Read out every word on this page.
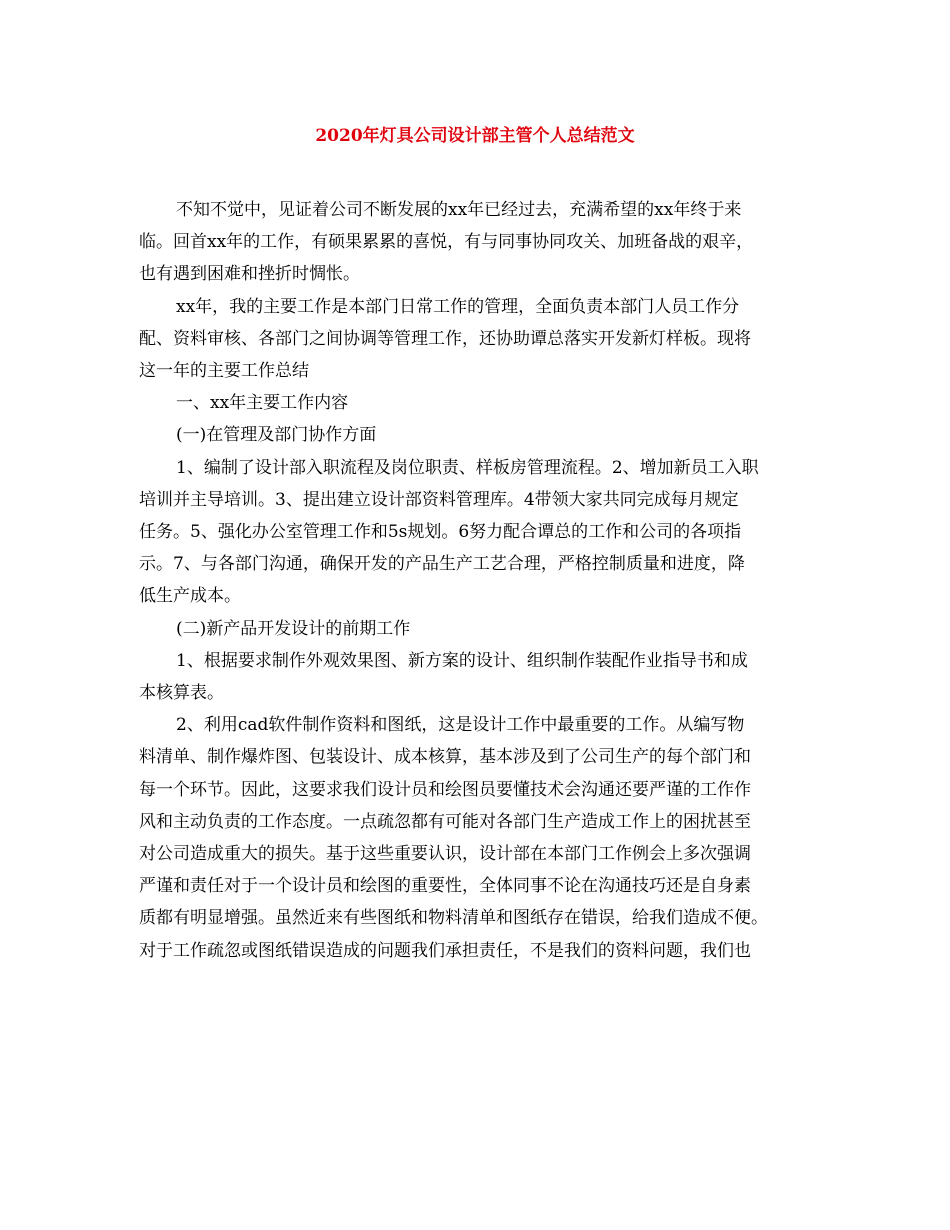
2020年灯具公司设计部主管个人总结范文

不知不觉中，见证着公司不断发展的xx年已经过去，充满希望的xx年终于来
临。回首xx年的工作，有硕果累累的喜悦，有与同事协同攻关、加班备战的艰辛，
也有遇到困难和挫折时惆怅。

xx年，我的主要工作是本部门日常工作的管理，全面负责本部门人员工作分
配、资料审核、各部门之间协调等管理工作，还协助谭总落实开发新灯样板。现将
这一年的主要工作总结

一、xx年主要工作内容

(一)在管理及部门协作方面

1、编制了设计部入职流程及岗位职责、样板房管理流程。2、增加新员工入职
培训并主导培训。3、提出建立设计部资料管理库。4带领大家共同完成每月规定
任务。5、强化办公室管理工作和5s规划。6努力配合谭总的工作和公司的各项指
示。7、与各部门沟通，确保开发的产品生产工艺合理，严格控制质量和进度，降
低生产成本。

(二)新产品开发设计的前期工作

1、根据要求制作外观效果图、新方案的设计、组织制作装配作业指导书和成
本核算表。

2、利用cad软件制作资料和图纸，这是设计工作中最重要的工作。从编写物
料清单、制作爆炸图、包装设计、成本核算，基本涉及到了公司生产的每个部门和
每一个环节。因此，这要求我们设计员和绘图员要懂技术会沟通还要严谨的工作作
风和主动负责的工作态度。一点疏忽都有可能对各部门生产造成工作上的困扰甚至
对公司造成重大的损失。基于这些重要认识，设计部在本部门工作例会上多次强调
严谨和责任对于一个设计员和绘图的重要性，全体同事不论在沟通技巧还是自身素
质都有明显增强。虽然近来有些图纸和物料清单和图纸存在错误，给我们造成不便。
对于工作疏忽或图纸错误造成的问题我们承担责任，不是我们的资料问题，我们也
